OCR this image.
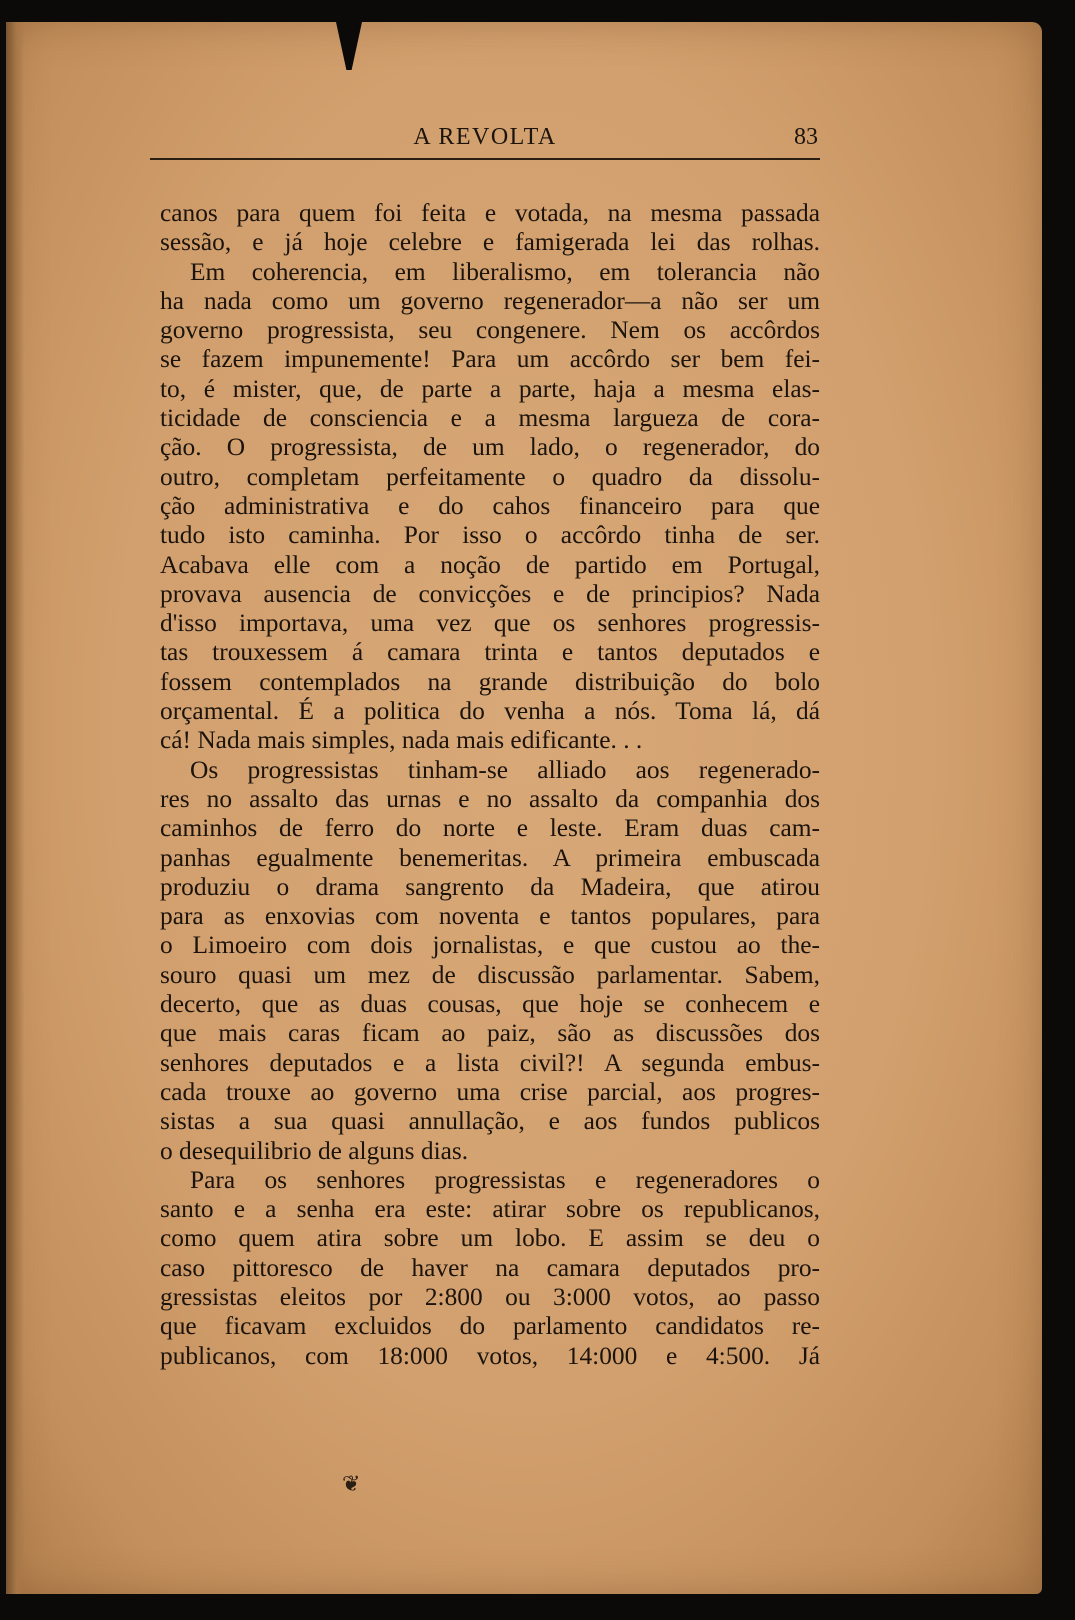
A REVOLTA	83

canos para quem foi feita e votada, na mesma passada

sessão, e já hoje celebre e famigerada lei das rolhas.

Em coherencia, em liberalismo, em tolerancia não

ha nada como um governo regenerador—a não ser um

governo progressista, seu congenere. Nem os accôrdos

se fazem impunemente! Para um accôrdo ser bem fei-

to, é mister, que, de parte a parte, haja a mesma elas-

ticidade de consciencia e a mesma largueza de cora-

ção. O progressista, de um lado, o regenerador, do

outro, completam perfeitamente o quadro da dissolu-

ção administrativa e do cahos financeiro para que

tudo isto caminha. Por isso o accôrdo tinha de ser.

Acabava elle com a noção de partido em Portugal,

provava ausencia de convicções e de principios? Nada

d'isso importava, uma vez que os senhores progressis-

tas trouxessem á camara trinta e tantos deputados e

fossem contemplados na grande distribuição do bolo

orçamental. É a politica do venha a nós. Toma lá, dá

cá! Nada mais simples, nada mais edificante. . .

Os progressistas tinham-se alliado aos regenerado-

res no assalto das urnas e no assalto da companhia dos

caminhos de ferro do norte e leste. Eram duas cam-

panhas egualmente benemeritas. A primeira embuscada

produziu o drama sangrento da Madeira, que atirou

para as enxovias com noventa e tantos populares, para

o Limoeiro com dois jornalistas, e que custou ao the-

souro quasi um mez de discussão parlamentar. Sabem,

decerto, que as duas cousas, que hoje se conhecem e

que mais caras ficam ao paiz, são as discussões dos

senhores deputados e a lista civil?! A segunda embus-

cada trouxe ao governo uma crise parcial, aos progres-

sistas a sua quasi annullação, e aos fundos publicos

o desequilibrio de alguns dias.

Para os senhores progressistas e regeneradores o

santo e a senha era este: atirar sobre os republicanos,

como quem atira sobre um lobo. E assim se deu o

caso pittoresco de haver na camara deputados pro-

gressistas eleitos por 2:800 ou 3:000 votos, ao passo

que ficavam excluidos do parlamento candidatos re-

publicanos, com 18:000 votos, 14:000 e 4:500. Já

❦
